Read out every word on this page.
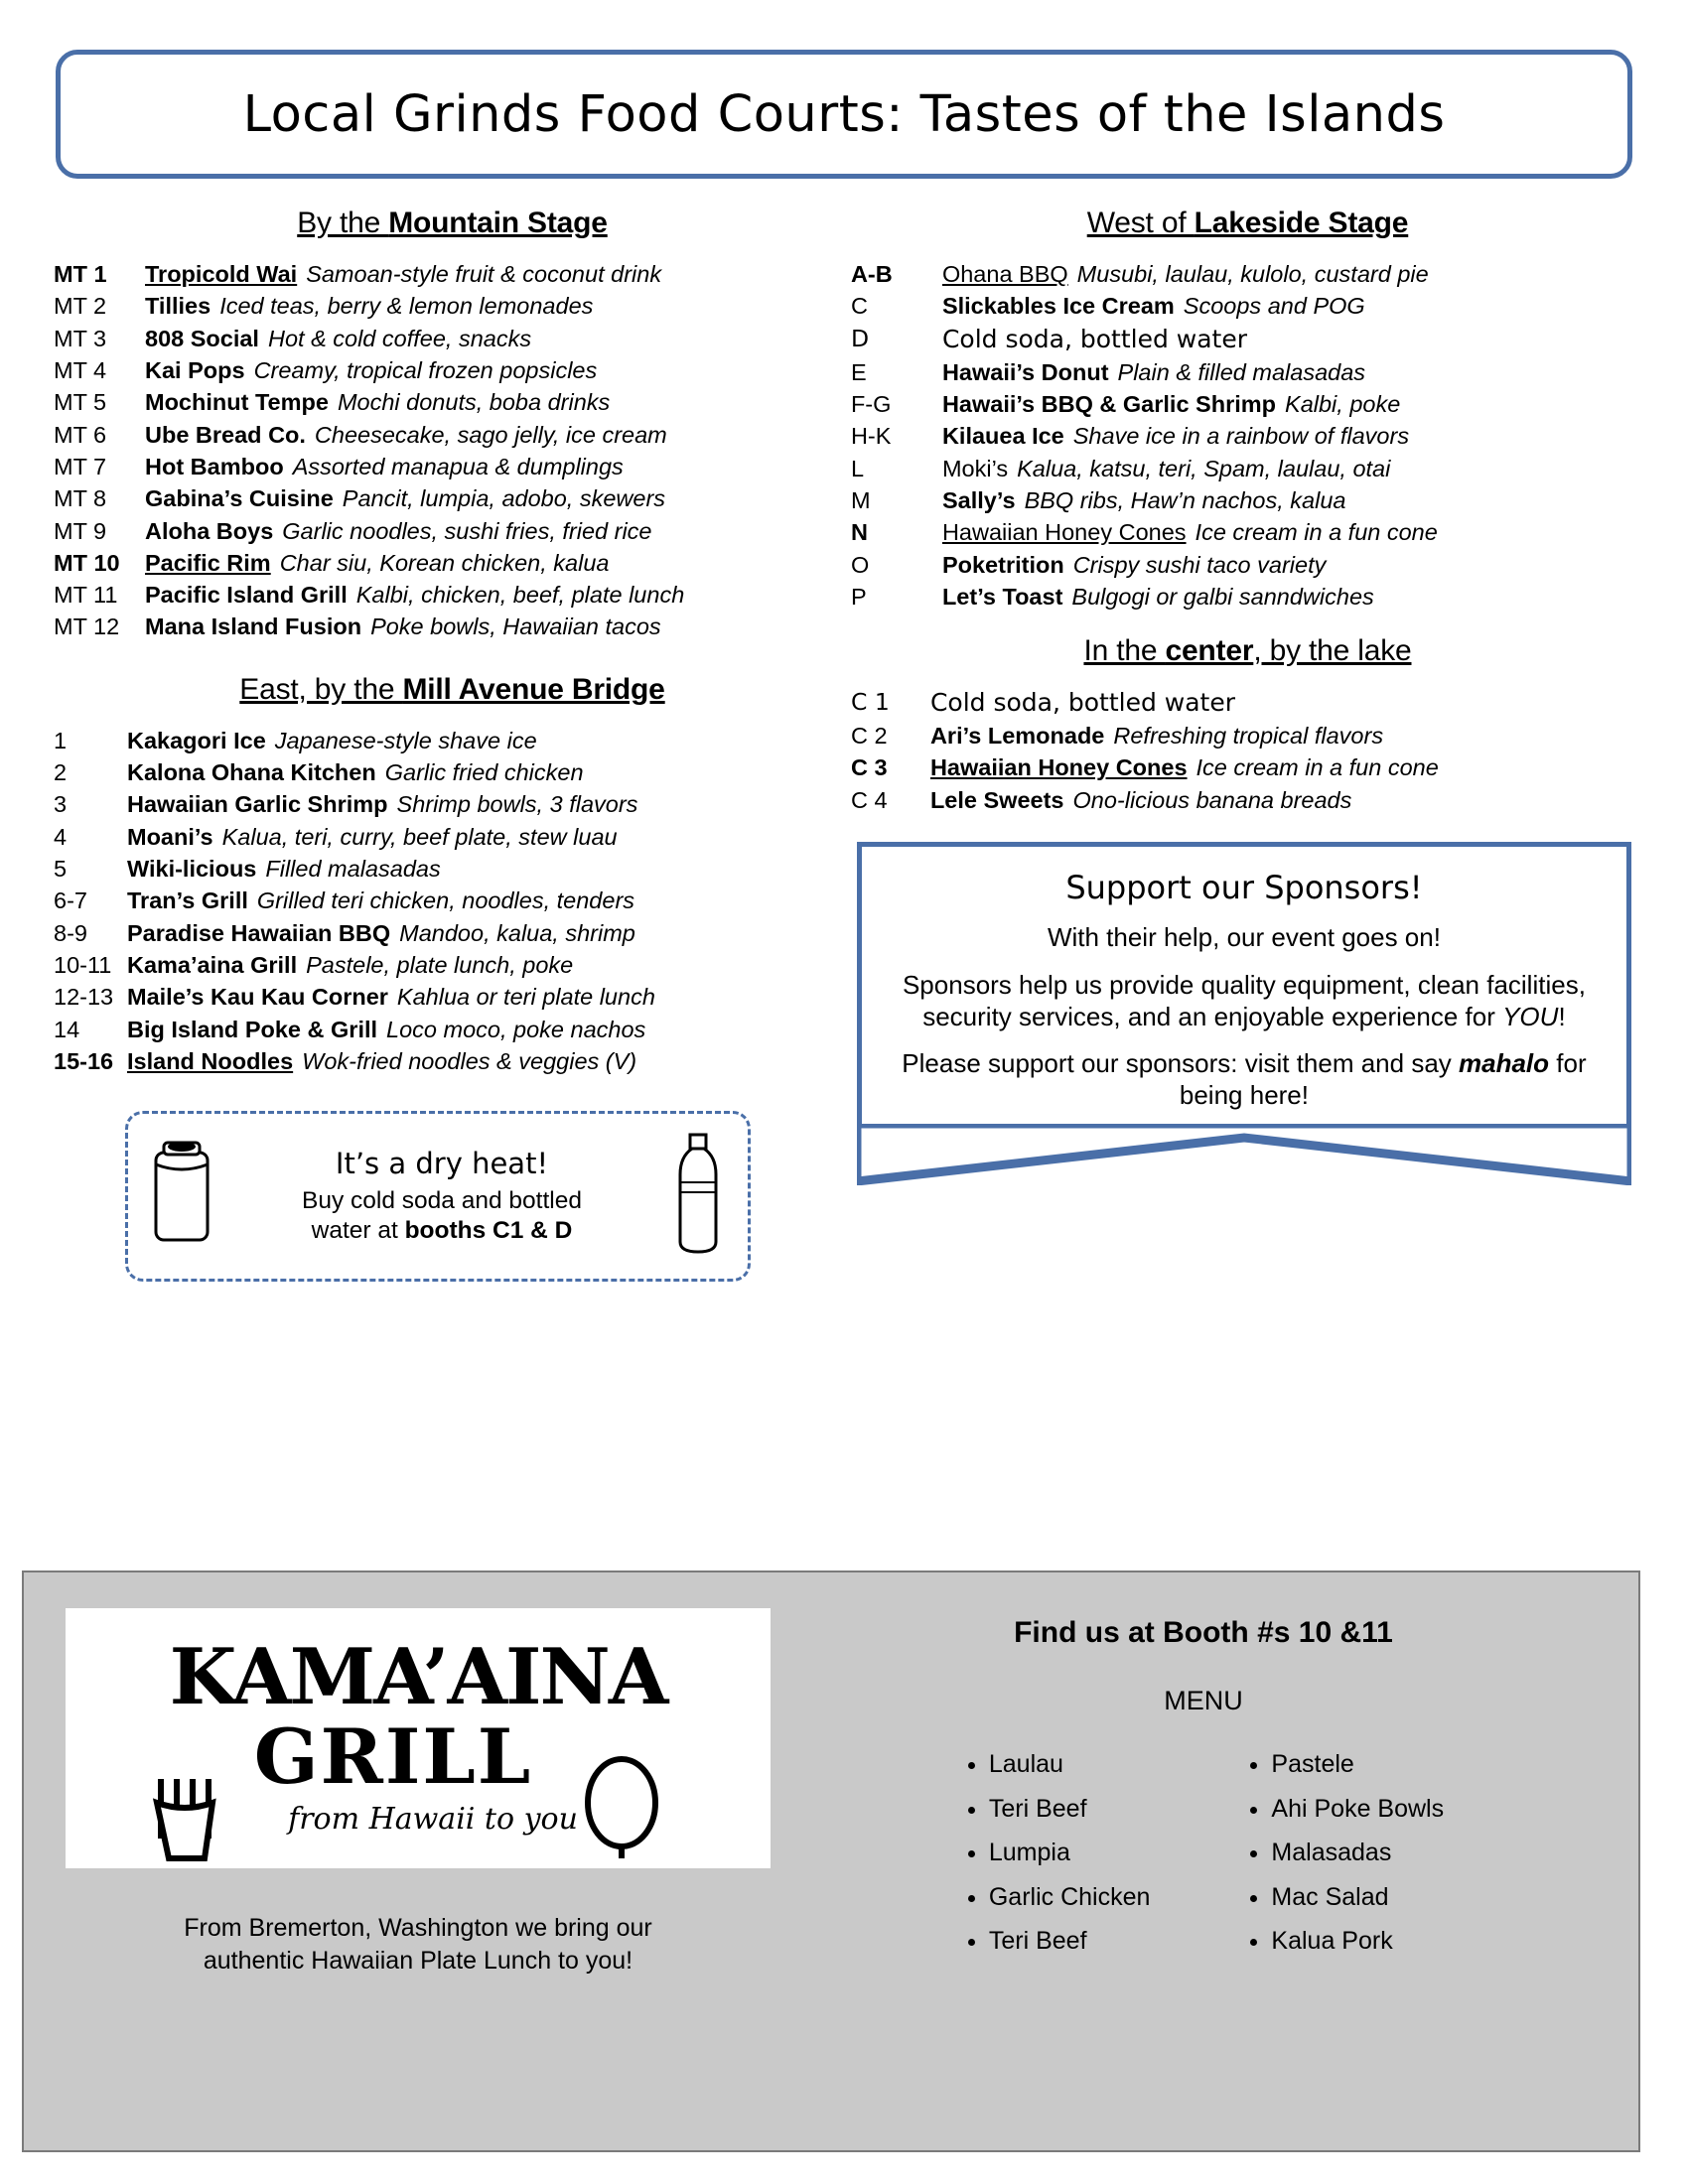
Local Grinds Food Courts: Tastes of the Islands
By the Mountain Stage
MT 1	Tropicold Wai Samoan-style fruit & coconut drink
MT 2	Tillies Iced teas, berry & lemon lemonades
MT 3	808 Social Hot & cold coffee, snacks
MT 4	Kai Pops Creamy, tropical frozen popsicles
MT 5	Mochinut Tempe Mochi donuts, boba drinks
MT 6	Ube Bread Co. Cheesecake, sago jelly, ice cream
MT 7	Hot Bamboo Assorted manapua & dumplings
MT 8	Gabina’s Cuisine Pancit, lumpia, adobo, skewers
MT 9	Aloha Boys Garlic noodles, sushi fries, fried rice
MT 10	Pacific Rim Char siu, Korean chicken, kalua
MT 11	Pacific Island Grill Kalbi, chicken, beef, plate lunch
MT 12	Mana Island Fusion Poke bowls, Hawaiian tacos
East, by the Mill Avenue Bridge
1	Kakagori Ice Japanese-style shave ice
2	Kalona Ohana Kitchen Garlic fried chicken
3	Hawaiian Garlic Shrimp Shrimp bowls, 3 flavors
4	Moani’s Kalua, teri, curry, beef plate, stew luau
5	Wiki-licious Filled malasadas
6-7	Tran’s Grill Grilled teri chicken, noodles, tenders
8-9	Paradise Hawaiian BBQ Mandoo, kalua, shrimp
10-11	Kama’aina Grill Pastele, plate lunch, poke
12-13	Maile’s Kau Kau Corner Kahlua or teri plate lunch
14	Big Island Poke & Grill Loco moco, poke nachos
15-16	Island Noodles Wok-fried noodles & veggies (V)
It’s a dry heat!
Buy cold soda and bottled
water at booths C1 & D
West of Lakeside Stage
A-B	Ohana BBQ Musubi, laulau, kulolo, custard pie
C	Slickables Ice Cream Scoops and POG
D	Cold soda, bottled water
E	Hawaii’s Donut Plain & filled malasadas
F-G	Hawaii’s BBQ & Garlic Shrimp Kalbi, poke
H-K	Kilauea Ice Shave ice in a rainbow of flavors
L	Moki’s Kalua, katsu, teri, Spam, laulau, otai
M	Sally’s BBQ ribs, Haw’n nachos, kalua
N	Hawaiian Honey Cones Ice cream in a fun cone
O	Poketrition Crispy sushi taco variety
P	Let’s Toast Bulgogi or galbi sanndwiches
In the center, by the lake
C 1	Cold soda, bottled water
C 2	Ari’s Lemonade Refreshing tropical flavors
C 3	Hawaiian Honey Cones Ice cream in a fun cone
C 4	Lele Sweets Ono-licious banana breads
Support our Sponsors!
With their help, our event goes on!
Sponsors help us provide quality equipment, clean facilities, security services, and an enjoyable experience for YOU!
Please support our sponsors: visit them and say mahalo for being here!
KAMA’AINA
GRILL
from Hawaii to you
From Bremerton, Washington we bring our
authentic Hawaiian Plate Lunch to you!
Find us at Booth #s 10 &11
MENU
• Laulau
• Teri Beef
• Lumpia
• Garlic Chicken
• Teri Beef
• Pastele
• Ahi Poke Bowls
• Malasadas
• Mac Salad
• Kalua Pork
